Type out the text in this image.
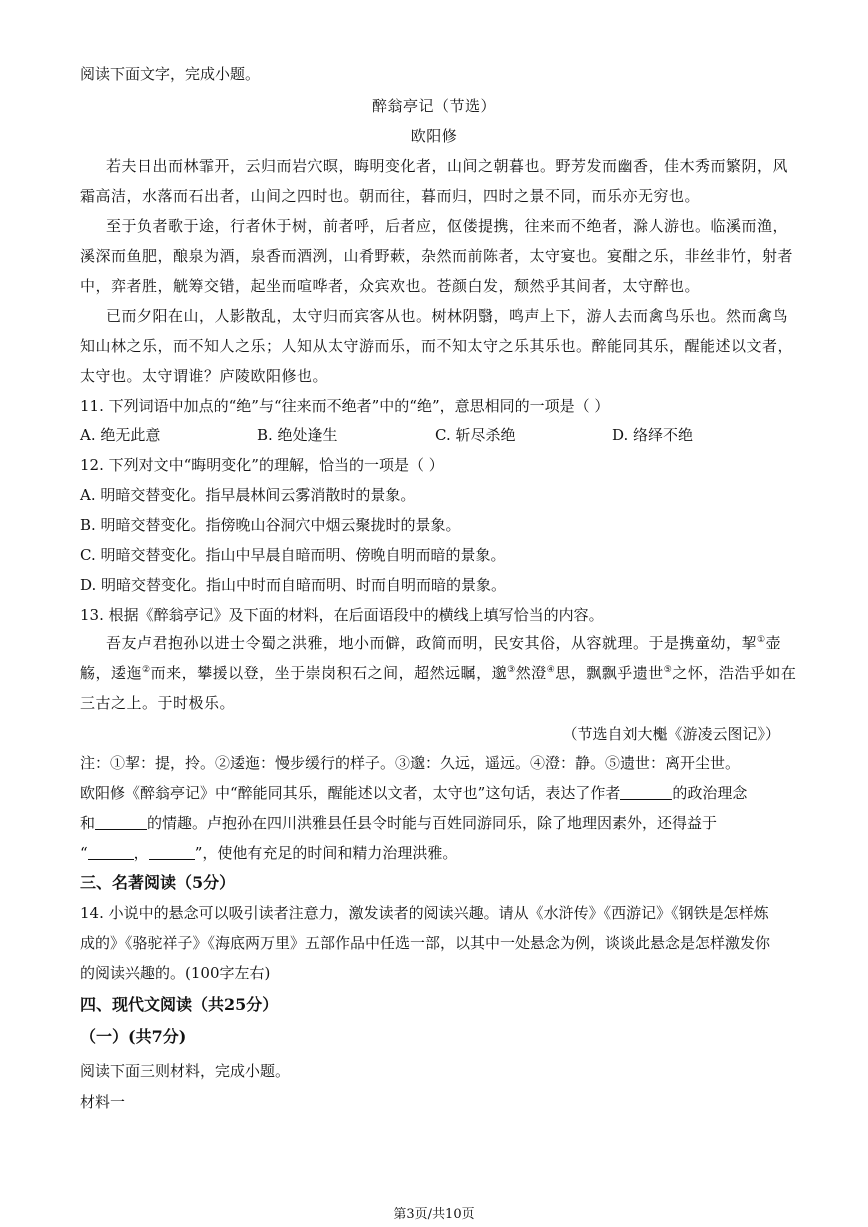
阅读下面文字，完成小题。
醉翁亭记（节选）
欧阳修
若夫日出而林霏开，云归而岩穴暝，晦明变化者，山间之朝暮也。野芳发而幽香，佳木秀而繁阴，风
霜高洁，水落而石出者，山间之四时也。朝而往，暮而归，四时之景不同，而乐亦无穷也。
至于负者歌于途，行者休于树，前者呼，后者应，伛偻提携，往来而不绝者，滁人游也。临溪而渔，
溪深而鱼肥，酿泉为酒，泉香而酒洌，山肴野蔌，杂然而前陈者，太守宴也。宴酣之乐，非丝非竹，射者
中，弈者胜，觥筹交错，起坐而喧哗者，众宾欢也。苍颜白发，颓然乎其间者，太守醉也。
已而夕阳在山，人影散乱，太守归而宾客从也。树林阴翳，鸣声上下，游人去而禽鸟乐也。然而禽鸟
知山林之乐，而不知人之乐；人知从太守游而乐，而不知太守之乐其乐也。醉能同其乐，醒能述以文者，
太守也。太守谓谁？庐陵欧阳修也。
11. 下列词语中加点的“绝”与“往来而不绝者”中的“绝”，意思相同的一项是（ ）
A. 绝无此意	B. 绝处逢生	C. 斩尽杀绝	D. 络绎不绝
12. 下列对文中“晦明变化”的理解，恰当的一项是（ ）
A. 明暗交替变化。指早晨林间云雾消散时的景象。
B. 明暗交替变化。指傍晚山谷洞穴中烟云聚拢时的景象。
C. 明暗交替变化。指山中早晨自暗而明、傍晚自明而暗的景象。
D. 明暗交替变化。指山中时而自暗而明、时而自明而暗的景象。
13. 根据《醉翁亭记》及下面的材料，在后面语段中的横线上填写恰当的内容。
吾友卢君抱孙以进士令蜀之洪雅，地小而僻，政简而明，民安其俗，从容就理。于是携童幼，挈①壶
觞，逶迤②而来，攀援以登，坐于崇岗积石之间，超然远瞩，邈③然澄④思，飘飘乎遗世⑤之怀，浩浩乎如在
三古之上。于时极乐。
（节选自刘大櫆《游凌云图记》）
注：①挈：提，拎。②逶迤：慢步缓行的样子。③邈：久远，遥远。④澄：静。⑤遗世：离开尘世。
欧阳修《醉翁亭记》中“醉能同其乐，醒能述以文者，太守也”这句话，表达了作者	的政治理念
和	的情趣。卢抱孙在四川洪雅县任县令时能与百姓同游同乐，除了地理因素外，还得益于
“	，	”，使他有充足的时间和精力治理洪雅。
三、名著阅读（5分）
14. 小说中的悬念可以吸引读者注意力，激发读者的阅读兴趣。请从《水浒传》《西游记》《钢铁是怎样炼
成的》《骆驼祥子》《海底两万里》五部作品中任选一部，以其中一处悬念为例，谈谈此悬念是怎样激发你
的阅读兴趣的。(100字左右)
四、现代文阅读（共25分）
（一）(共7分)
阅读下面三则材料，完成小题。
材料一
第3页/共10页
